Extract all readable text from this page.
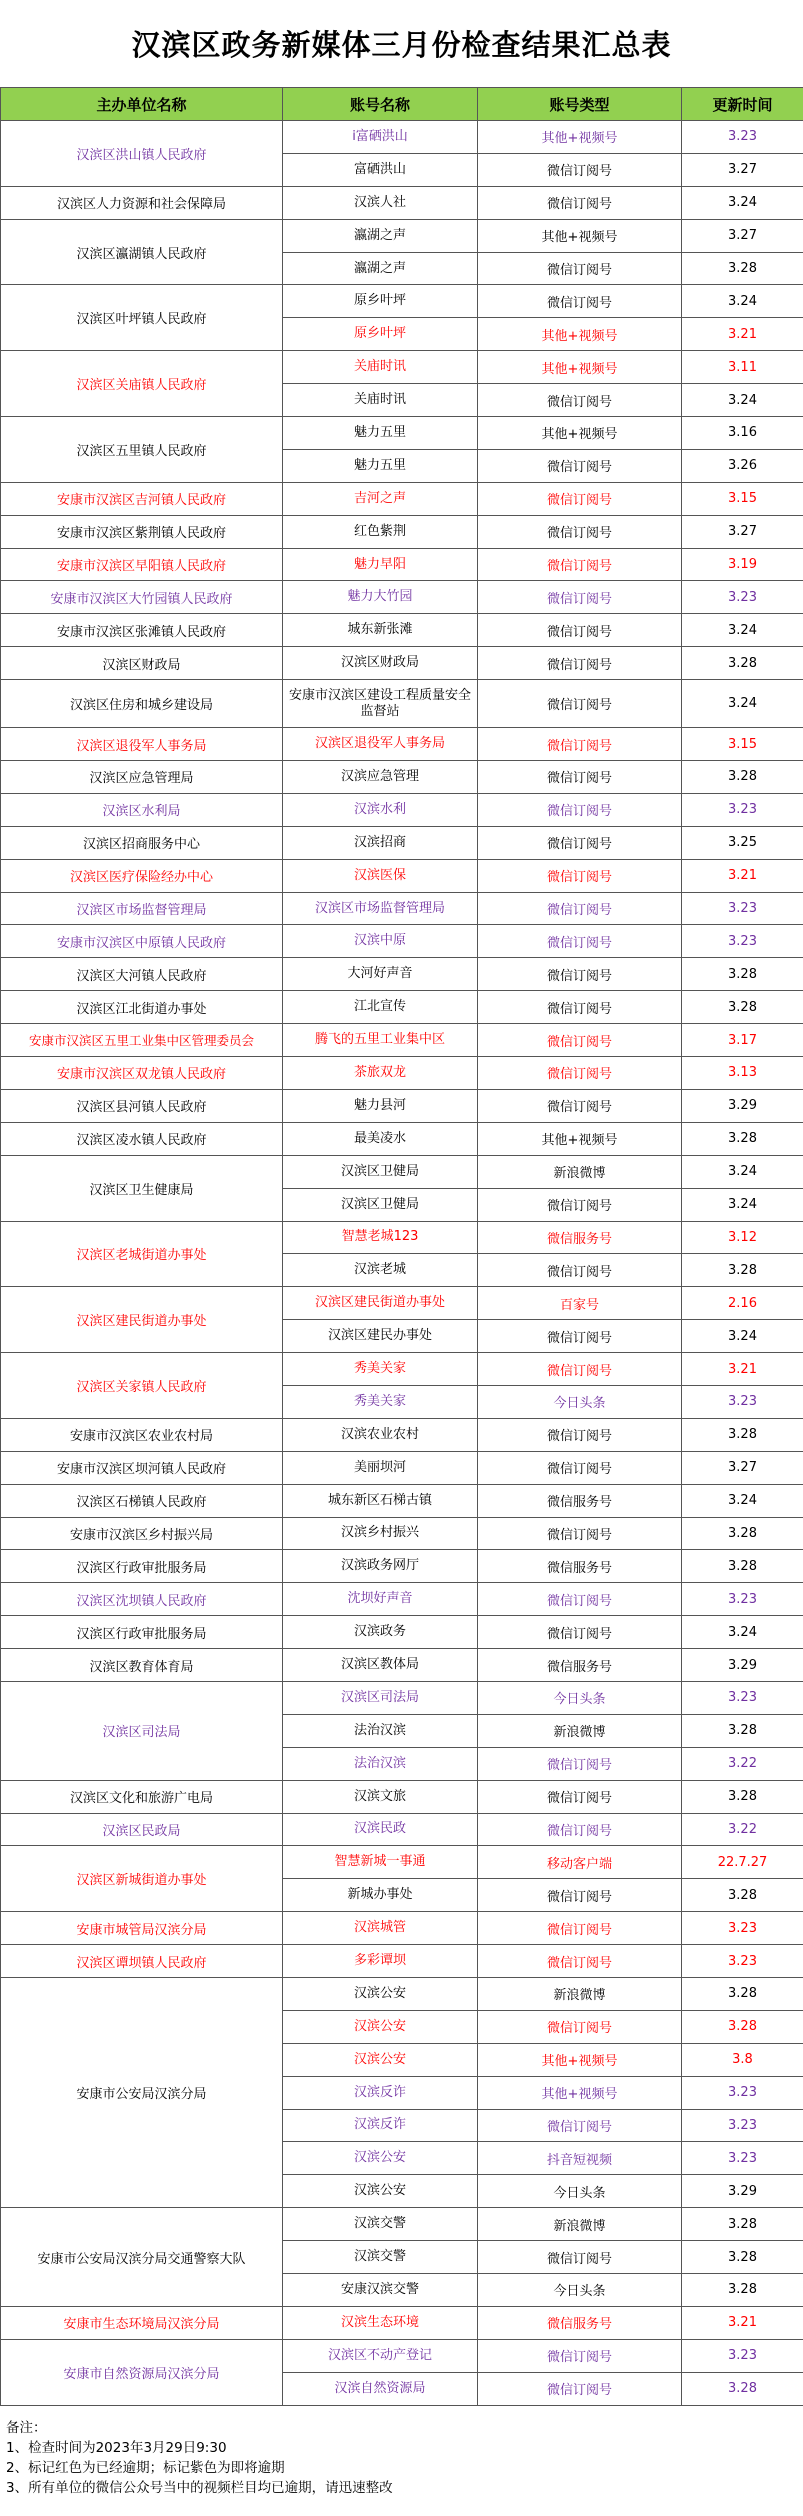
汉滨区政务新媒体三月份检查结果汇总表
主办单位名称	账号名称	账号类型	更新时间
汉滨区洪山镇人民政府	i富硒洪山	其他+视频号	3.23
	富硒洪山	微信订阅号	3.27
汉滨区人力资源和社会保障局	汉滨人社	微信订阅号	3.24
汉滨区瀛湖镇人民政府	瀛湖之声	其他+视频号	3.27
	瀛湖之声	微信订阅号	3.28
汉滨区叶坪镇人民政府	原乡叶坪	微信订阅号	3.24
	原乡叶坪	其他+视频号	3.21
汉滨区关庙镇人民政府	关庙时讯	其他+视频号	3.11
	关庙时讯	微信订阅号	3.24
汉滨区五里镇人民政府	魅力五里	其他+视频号	3.16
	魅力五里	微信订阅号	3.26
安康市汉滨区吉河镇人民政府	吉河之声	微信订阅号	3.15
安康市汉滨区紫荆镇人民政府	红色紫荆	微信订阅号	3.27
安康市汉滨区早阳镇人民政府	魅力早阳	微信订阅号	3.19
安康市汉滨区大竹园镇人民政府	魅力大竹园	微信订阅号	3.23
安康市汉滨区张滩镇人民政府	城东新张滩	微信订阅号	3.24
汉滨区财政局	汉滨区财政局	微信订阅号	3.28
汉滨区住房和城乡建设局	安康市汉滨区建设工程质量安全监督站	微信订阅号	3.24
汉滨区退役军人事务局	汉滨区退役军人事务局	微信订阅号	3.15
汉滨区应急管理局	汉滨应急管理	微信订阅号	3.28
汉滨区水利局	汉滨水利	微信订阅号	3.23
汉滨区招商服务中心	汉滨招商	微信订阅号	3.25
汉滨区医疗保险经办中心	汉滨医保	微信订阅号	3.21
汉滨区市场监督管理局	汉滨区市场监督管理局	微信订阅号	3.23
安康市汉滨区中原镇人民政府	汉滨中原	微信订阅号	3.23
汉滨区大河镇人民政府	大河好声音	微信订阅号	3.28
汉滨区江北街道办事处	江北宣传	微信订阅号	3.28
安康市汉滨区五里工业集中区管理委员会	腾飞的五里工业集中区	微信订阅号	3.17
安康市汉滨区双龙镇人民政府	茶旅双龙	微信订阅号	3.13
汉滨区县河镇人民政府	魅力县河	微信订阅号	3.29
汉滨区凌水镇人民政府	最美凌水	其他+视频号	3.28
汉滨区卫生健康局	汉滨区卫健局	新浪微博	3.24
	汉滨区卫健局	微信订阅号	3.24
汉滨区老城街道办事处	智慧老城123	微信服务号	3.12
	汉滨老城	微信订阅号	3.28
汉滨区建民街道办事处	汉滨区建民街道办事处	百家号	2.16
	汉滨区建民办事处	微信订阅号	3.24
汉滨区关家镇人民政府	秀美关家	微信订阅号	3.21
	秀美关家	今日头条	3.23
安康市汉滨区农业农村局	汉滨农业农村	微信订阅号	3.28
安康市汉滨区坝河镇人民政府	美丽坝河	微信订阅号	3.27
汉滨区石梯镇人民政府	城东新区石梯古镇	微信服务号	3.24
安康市汉滨区乡村振兴局	汉滨乡村振兴	微信订阅号	3.28
汉滨区行政审批服务局	汉滨政务网厅	微信服务号	3.28
汉滨区沈坝镇人民政府	沈坝好声音	微信订阅号	3.23
汉滨区行政审批服务局	汉滨政务	微信订阅号	3.24
汉滨区教育体育局	汉滨区教体局	微信服务号	3.29
汉滨区司法局	汉滨区司法局	今日头条	3.23
	法治汉滨	新浪微博	3.28
	法治汉滨	微信订阅号	3.22
汉滨区文化和旅游广电局	汉滨文旅	微信订阅号	3.28
汉滨区民政局	汉滨民政	微信订阅号	3.22
汉滨区新城街道办事处	智慧新城一事通	移动客户端	22.7.27
	新城办事处	微信订阅号	3.28
安康市城管局汉滨分局	汉滨城管	微信订阅号	3.23
汉滨区谭坝镇人民政府	多彩谭坝	微信订阅号	3.23
安康市公安局汉滨分局	汉滨公安	新浪微博	3.28
	汉滨公安	微信订阅号	3.28
	汉滨公安	其他+视频号	3.8
	汉滨反诈	其他+视频号	3.23
	汉滨反诈	微信订阅号	3.23
	汉滨公安	抖音短视频	3.23
	汉滨公安	今日头条	3.29
安康市公安局汉滨分局交通警察大队	汉滨交警	新浪微博	3.28
	汉滨交警	微信订阅号	3.28
	安康汉滨交警	今日头条	3.28
安康市生态环境局汉滨分局	汉滨生态环境	微信服务号	3.21
安康市自然资源局汉滨分局	汉滨区不动产登记	微信订阅号	3.23
	汉滨自然资源局	微信订阅号	3.28
备注：
1、检查时间为2023年3月29日9:30
2、标记红色为已经逾期；标记紫色为即将逾期
3、所有单位的微信公众号当中的视频栏目均已逾期，请迅速整改
